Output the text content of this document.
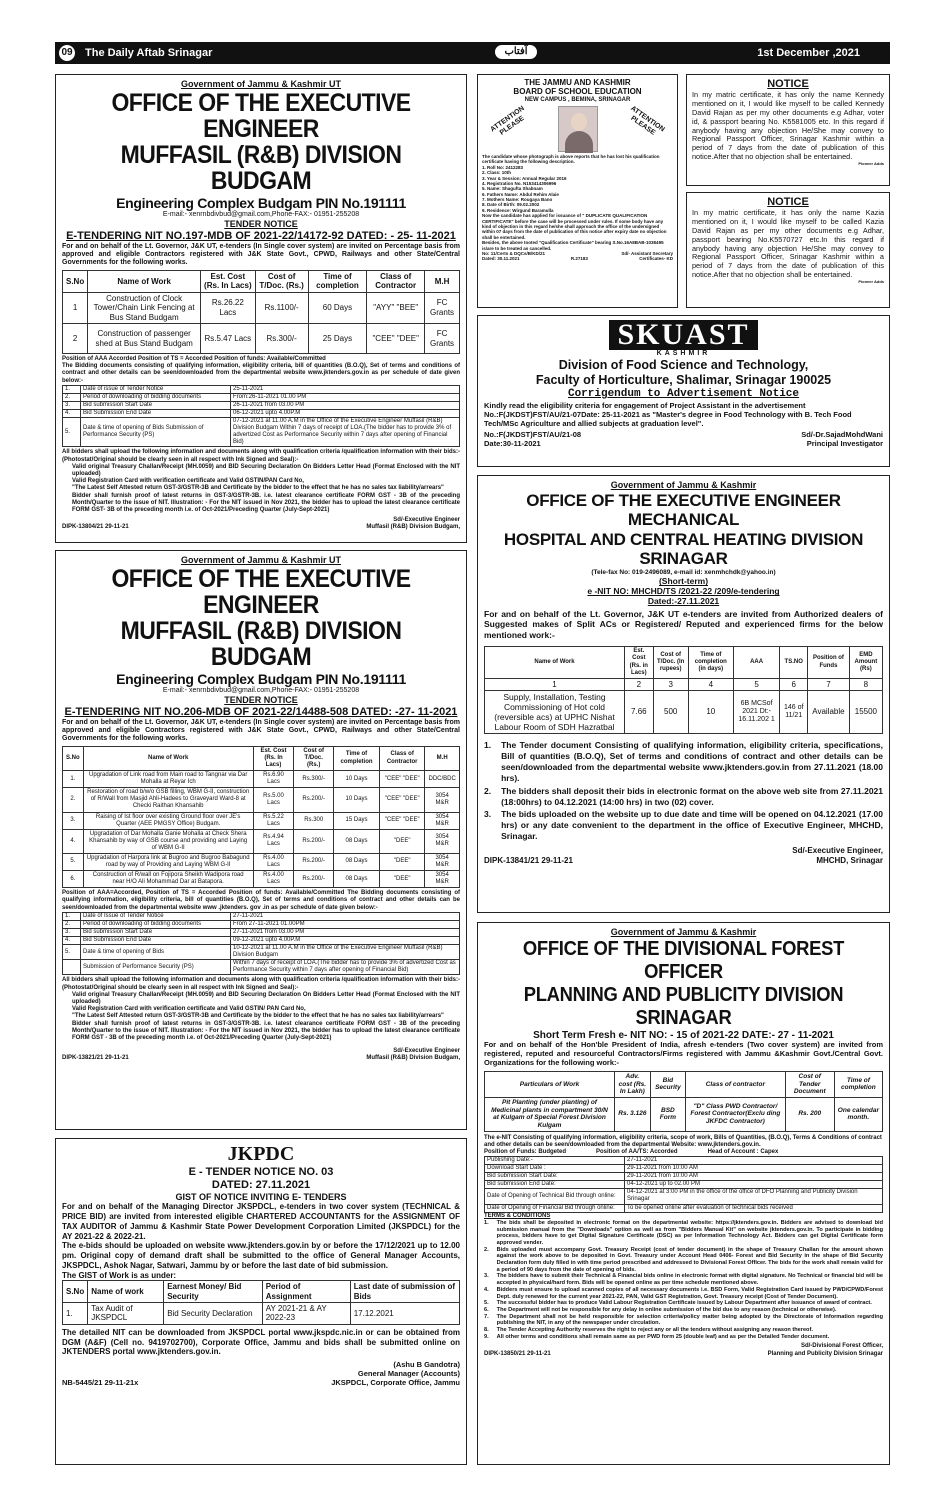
09	The Daily Aftab Srinagar	آفتاب	1st December ,2021
Government of Jammu & Kashmir UT
OFFICE OF THE EXECUTIVE ENGINEER
MUFFASIL (R&B) DIVISION BUDGAM
Engineering Complex Budgam PIN No.191111
E-mail:- xenrnbdivbud@gmail.com,Phone-FAX:- 01951-255208
TENDER NOTICE
E-TENDERING NIT NO.197-MDB OF 2021-22/14172-92 DATED: - 25- 11-2021
For and on behalf of the Lt. Governor, J&K UT, e-tenders (In Single cover system) are invited on Percentage basis from approved and eligible Contractors registered with J&K State Govt., CPWD, Railways and other State/Central Governments for the following works.
S.No	Name of Work	Est. Cost (Rs. In Lacs)	Cost of T/Doc. (Rs.)	Time of completion	Class of Contractor	M.H
1	Construction of Clock Tower/Chain Link Fencing at Bus Stand Budgam	Rs.26.22 Lacs	Rs.1100/-	60 Days	"AYY" "BEE"	FC Grants
2	Construction of passenger shed at Bus Stand Budgam	Rs.5.47 Lacs	Rs.300/-	25 Days	"CEE" "DEE"	FC Grants
Position of AAA Accorded Position of TS = Accorded Position of funds: Available/Committed
The Bidding documents consisting of qualifying information, eligibility criteria, bill of quantities (B.O.Q), Set of terms and conditions of contract and other details can be seen/downloaded from the departmental website www.jktenders.gov.in as per schedule of date given below:-
1.	Date of issue of Tender Notice	25-11-2021
2.	Period of downloading of bidding documents	From:26-11-2021 01.00 PM
3.	Bid submission Start Date	26-11-2021 from 03.00 PM
4.	Bid Submission End Date	06-12-2021 upto 4.00P.M
5.	Date & time of opening of Bids Submission of Performance Security (PS)	07-12-2021 at 11.00 A.M in the Office of the Executive Engineer Muffasil (R&B) Division Budgam Within 7 days of receipt of LOA.(The bidder has to provide 3% of advertized Cost as Performance Security within 7 days after opening of Financial Bid)
All bidders shall upload the following information and documents along with qualification criteria /qualification information with their bids:-(Photostat/Original should be clearly seen in all respect with Ink Signed and Seal):-
Valid original Treasury Challan/Receipt (MH.0059) and BID Securing Declaration On Bidders Letter Head (Format Enclosed with the NIT uploaded)
Valid Registration Card with verification certificate and Valid GSTIN/PAN Card No,
"The Latest Self Attested return GST-3/GSTR-3B and Certificate by the bidder to the effect that he has no sales tax liability/arrears"
Bidder shall furnish proof of latest returns in GST-3/GSTR-3B. i.e. latest clearance certificate FORM GST - 3B of the preceding Month/Quarter to the issue of NIT. Illustration: - For the NIT issued in Nov 2021, the bidder has to upload the latest clearance certificate FORM GST- 3B of the preceding month i.e. of Oct-2021/Preceding Quarter (July-Sept-2021)
Sd/-Executive Engineer
DIPK-13804/21 29-11-21	Muffasil (R&B) Division Budgam,
THE JAMMU AND KASHMIR
BOARD OF SCHOOL EDUCATION
NEW CAMPUS , BEMINA, SRINAGAR
ATTENTION PLEASE	ATTENTION PLEASE
The candidate whose photograph is above reports that he has lost his qualification certificate having the following description.
1. Roll No: 2412283
2. Class: 10th
3. Year & Session: Annual Regular 2016
4. Registration No. N153414306996
5. Name: Shagufta Shabnam
6. Fathers Name: Abdul Rehim Alaie
7. Mothers Name: Rougaya Bano
8. Date of Birth: 09.02.2002
9. Residence: Wirgund Baramulla
Now the candidate has applied for issuance of " DUPLICATE QUALIFICATION CERTIFICATE" before the case will be processed under rules. If some body have any kind of objection in this regard he/she shall approach the office of the undersigned within 07 days from the date of publication of this notice after expiry date no objection shall be entertained.
Besides, the above tooted "Qualification Certificate" bearing S.No.16A8BAB-1038495 is/are to be treated as cancelled.
No: 11/Certs & DQCs/B/KD/21	Sd/- Assistant Secretary
Dated: 30.11.2021	R.27183	Certificates- KD
NOTICE
In my matric certificate, it has only the name Kennedy mentioned on it, I would like myself to be called Kennedy David Rajan as per my other documents e.g Adhar, voter id, & passport bearing No. K5581005 etc. In this regard if anybody having any objection He/She may convey to Regional Passport Officer, Srinagar Kashmir within a period of 7 days from the date of publication of this notice.After that no objection shall be entertained.
Pioneer Adds
NOTICE
In my matric certificate, it has only the name Kazia mentioned on it, I would like myself to be called Kazia David Rajan as per my other documents e.g Adhar, passport bearing No.K5570727 etc.In this regard if anybody having any objection He/She may convey to Regional Passport Officer, Srinagar Kashmir within a period of 7 days from the date of publication of this notice.After that no objection shall be entertained.
Pioneer Adds
SKUAST
KASHMIR
Division of Food Science and Technology,
Faculty of Horticulture, Shalimar, Srinagar 190025
Corrigendum to Advertisement Notice
Kindly read the eligibility criteria for engagement of Project Assistant in the advertisement No.:F(JKDST)FST/AU/21-07Date: 25-11-2021 as "Master's degree in Food Technology with B. Tech Food Tech/MSc Agriculture and allied subjects at graduation level".
No.:F(JKDST)FST/AU/21-08	Sd/-Dr.SajadMohdWani
Date:30-11-2021	Principal Investigator
Government of Jammu & Kashmir
OFFICE OF THE EXECUTIVE ENGINEER MECHANICAL
HOSPITAL AND CENTRAL HEATING DIVISION SRINAGAR
(Tele-fax No: 019-2496089, e-mail id: xenmhchdk@yahoo.in)
(Short-term)
e -NIT NO: MHCHD/TS /2021-22 /209/e-tendering
Dated:-27.11.2021
For and on behalf of the Lt. Governor, J&K UT e-tenders are invited from Authorized dealers of Suggested makes of Split ACs or Registered/ Reputed and experienced firms for the below mentioned work:-
Name of Work	Est. Cost (Rs. in Lacs)	Cost of T/Doc. (In rupees)	Time of completion (in days)	AAA	TS.NO	Position of Funds	EMD Amount (Rs)
1	2	3	4	5	6	7	8
Supply, Installation, Testing Commissioning of Hot cold (reversible acs) at UPHC Nishat Labour Room of SDH Hazratbal	7.66	500	10	6B MCSof 2021 Dt:- 16.11.202 1	146 of 11/21	Available	15500
1. The Tender document Consisting of qualifying information, eligibility criteria, specifications, Bill of quantities (B.O.Q), Set of terms and conditions of contract and other details can be seen/downloaded from the departmental website www.jktenders.gov.in from 27.11.2021 (18.00 hrs).
2. The bidders shall deposit their bids in electronic format on the above web site from 27.11.2021 (18:00hrs) to 04.12.2021 (14:00 hrs) in two (02) cover.
3. The bids uploaded on the website up to due date and time will be opened on 04.12.2021 (17.00 hrs) or any date convenient to the department in the office of Executive Engineer, MHCHD, Srinagar.
Sd/-Executive Engineer,
DIPK-13841/21 29-11-21	MHCHD, Srinagar
Government of Jammu & Kashmir UT
OFFICE OF THE EXECUTIVE ENGINEER
MUFFASIL (R&B) DIVISION BUDGAM
Engineering Complex Budgam PIN No.191111
E-mail:- xenrnbdivbud@gmail.com,Phone-FAX:- 01951-255208
TENDER NOTICE
E-TENDERING NIT NO.206-MDB OF 2021-22/14488-508 DATED: -27- 11-2021
For and on behalf of the Lt. Governor, J&K UT, e-tenders (In Single cover system) are invited on Percentage basis from approved and eligible Contractors registered with J&K State Govt., CPWD, Railways and other State/Central Governments for the following works.
S.No	Name of Work	Est. Cost (Rs. In Lacs)	Cost of T/Doc. (Rs.)	Time of completion	Class of Contractor	M.H
1.	Upgradation of Link road from Main road to Tangnar via Dar Mohalla at Reyar Ich	Rs.6.90 Lacs	Rs.300/-	10 Days	"CEE" "DEE"	DDC/BDC
2.	Restoration of road b/w/o GSB filling, WBM G-II, construction of R/Wall from Masjid Ahli-Hadees to Graveyard Ward-8 at Checki Raithan Khansahib	Rs.5.00 Lacs	Rs.200/-	10 Days	"CEE" "DEE"	3054 M&R
3.	Raising of Ist floor over existing Ground floor over JE's Quarter (AEE PMGSY Office) Budgam.	Rs.5.22 Lacs	Rs.300	15 Days	"CEE" "DEE"	3054 M&R
4.	Upgradation of Dar Mohalla Ganie Mohalla at Check Shera Khansahib by way of GSB course and providing and Laying of WBM G-II	Rs.4.94 Lacs	Rs.200/-	08 Days	"DEE"	3054 M&R
5.	Upgradation of Harpora link at Bugroo and Bugroo Babagund road by way of Providing and Laying WBM G-II	Rs.4.00 Lacs	Rs.200/-	08 Days	"DEE"	3054 M&R
6.	Construction of R/wall on Fojipora Sheikh Wadipora road near H/O Ali Mohammad Dar at Bataporа.	Rs.4.00 Lacs	Rs.200/-	08 Days	"DEE"	3054 M&R
Position of AAA=Accorded, Position of TS = Accorded Position of funds: Available/Committed The Bidding documents consisting of qualifying information, eligibility criteria, bill of quantities (B.O.Q), Set of terms and conditions of contract and other details can be seen/downloaded from the departmental website www .jktenders. gov .in as per schedule of date given below:-
1.	Date of Issue of Tender Notice	27-11-2021
2.	Period of downloading of bidding documents	From 27-11-2021 01.00PM
3.	Bid submission Start Date	27-11-2021 from 03.00 PM
4.	Bid Submission End Date	09-12-2021 upto 4.00P.M
5.	Date & time of opening of Bids	10-12-2021 at 11.00 A.M in the Office of the Executive Engineer Muffasil (R&B) Division Budgam
	Submission of Performance Security (PS)	Within 7 days of receipt of LOA.(The bidder has to provide 3% of advertized Cost as Performance Security within 7 days after opening of Financial Bid)
All bidders shall upload the following information and documents along with qualification criteria /qualification information with their bids:-(Photostat/Original should be clearly seen in all respect with Ink Signed and Seal):-
Valid original Treasury Challan/Receipt (MH.0059) and BID Securing Declaration On Bidders Letter Head (Format Enclosed with the NIT uploaded)
Valid Registration Card with verification certificate and Valid GSTIN/ PAN Card No,
"The Latest Self Attested return GST-3/GSTR-3B and Certificate by the bidder to the effect that he has no sales tax liability/arrears"
Bidder shall furnish proof of latest returns in GST-3/GSTR-3B. i.e. latest clearance certificate FORM GST - 3B of the preceding Month/Quarter to the issue of NIT. Illustration: - For the NIT issued in Nov 2021, the bidder has to upload the latest clearance certificate FORM GST - 3B of the preceding month i.e. of Oct-2021/Preceding Quarter (July-Sept-2021)
Sd/-Executive Engineer
DIPK-13821/21 29-11-21	Muffasil (R&B) Division Budgam,
Government of Jammu & Kashmir
OFFICE OF THE DIVISIONAL FOREST OFFICER
PLANNING AND PUBLICITY DIVISION SRINAGAR
Short Term Fresh e- NIT NO: - 15 of 2021-22 DATE:- 27 - 11-2021
For and on behalf of the Hon'ble President of India, afresh e-tenders (Two cover system) are invited from registered, reputed and resourceful Contractors/Firms registered with Jammu &Kashmir Govt./Central Govt. Organizations for the following work:-
Particulars of Work	Adv. cost (Rs. In Lakh)	Bid Security	Class of contractor	Cost of Tender Document	Time of completion
Pit Planting (under planting) of Medicinal plants in compartment 30/N at Kulgam of Special Forest Division Kulgam	Rs. 3.126	BSD Form	"D" Class PWD Contractor/ Forest Contractor(Exclu ding JKFDC Contractor)	Rs. 200	One calendar month.
The e-NIT Consisting of qualifying information, eligibility criteria, scope of work, Bills of Quantities, (B.O.Q), Terms & Conditions of contract and other details can be seen/downloaded from the departmental Website: www.jktenders.gov.in.
Position of Funds: Budgeted	Position of AA/TS: Accorded	Head of Account : Capex
Publishing Date:-	27-11-2021
Download Start Date :	29-11-2021 from 10:00 AM
Bid submission Start Date:	29-11-2021 from 10:00 AM
Bid submission End Date:	04-12-2021 up to 02.00 PM
Date of Opening of Technical Bid through online:	04-12-2021 at 3:00 PM in the office of the office of DFO Planning and Publicity Division Srinagar
Date of Opening of Financial Bid through online:	To be opened online after evaluation of technical bids received
TERMS & CONDITIONS
1. The bids shall be deposited in electronic format on the departmental website: https://jktenders.gov.in. Bidders are advised to download bid submission manual from the "Downloads" option as well as from "Bidders Manual Kit" on website jktenders.gov.in. To participate in bidding process, bidders have to get Digital Signature Certificate (DSC) as per Information Technology Act. Bidders can get Digital Certificate form approved vender.
2. Bids uploaded must accompany Govt. Treasury Receipt (cost of tender document) in the shape of Treasury Challan for the amount shown against the work above to be deposited in Govt. Treasury under Account Head 0406- Forest and Bid Security in the shape of Bid Security Declaration form duly filled in with time period prescribed and addressed to Divisional Forest Officer. The bids for the work shall remain valid for a period of 90 days from the date of opening of bids.
3. The bidders have to submit their Technical & Financial bids online in electronic format with digital signature. No Technical or financial bid will be accepted in physical/hard form. Bids will be opened online as per time schedule mentioned above.
4. Bidders must ensure to upload scanned copies of all necessary documents i.e. BSD Form, Valid Registration Card issued by PWD/CPWD/Forest Dept. duly renewed for the current year 2021-22, PAN, Valid GST Registration, Govt. Treasury receipt (Cost of Tender Document).
5. The successful bidder has to produce Valid Labour Registration Certificate issued by Labour Department after issuance of award of contract.
6. The Department will not be responsible for any delay in online submission of the bid due to any reason (technical or otherwise).
7. The Department shall not be held responsible for selection criteria/policy matter being adopted by the Directorate of Information regarding publishing the NIT, in any of the newspaper under circulation.
8. The Tender Accepting Authority reserves the right to reject any or all the tenders without assigning any reason thereof.
9. All other terms and conditions shall remain same as per PWD form 25 (double leaf) and as per the Detailed Tender document.
Sd/-Divisional Forest Officer,
DIPK-13850/21 29-11-21	Planning and Publicity Division Srinagar
JKPDC
E - TENDER NOTICE NO. 03
DATED: 27.11.2021
GIST OF NOTICE INVITING E- TENDERS
For and on behalf of the Managing Director JKSPDCL, e-tenders in two cover system (TECHNICAL & PRICE BID) are invited from interested eligible CHARTERED ACCOUNTANTS for the ASSIGNMENT OF TAX AUDITOR of Jammu & Kashmir State Power Development Corporation Limited (JKSPDCL) for the AY 2021-22 & 2022-21.
The e-bids should be uploaded on website www.jktenders.gov.in by or before the 17/12/2021 up to 12.00 pm. Original copy of demand draft shall be submitted to the office of General Manager Accounts, JKSPDCL, Ashok Nagar, Satwari, Jammu by or before the last date of bid submission.
The GIST of Work is as under:
S.No	Name of work	Earnest Money/ Bid Security	Period of Assignment	Last date of submission of Bids
1.	Tax Audit of JKSPDCL	Bid Security Declaration	AY 2021-21 & AY 2022-23	17.12.2021
The detailed NIT can be downloaded from JKSPDCL portal www.jkspdc.nic.in or can be obtained from DGM (A&F) (Cell no. 9419702700), Corporate Office, Jammu and bids shall be submitted online on JKTENDERS portal www.jktenders.gov.in.
(Ashu B Gandotra)
General Manager (Accounts)
NB-5445/21 29-11-21x	JKSPDCL, Corporate Office, Jammu
